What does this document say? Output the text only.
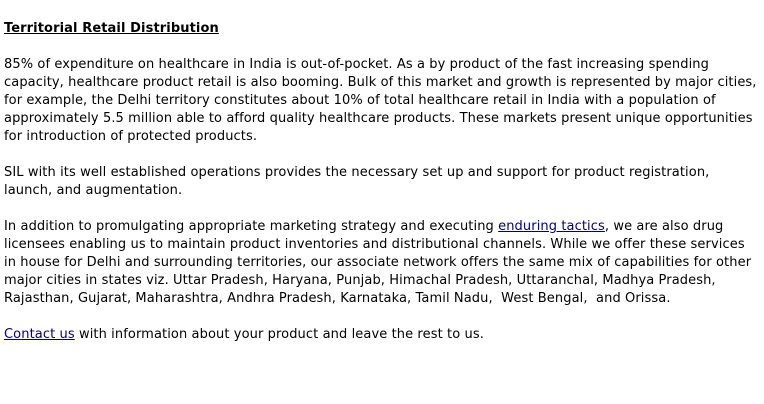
Territorial Retail Distribution

85% of expenditure on healthcare in India is out-of-pocket. As a by product of the fast increasing spending capacity, healthcare product retail is also booming. Bulk of this market and growth is represented by major cities, for example, the Delhi territory constitutes about 10% of total healthcare retail in India with a population of approximately 5.5 million able to afford quality healthcare products. These markets present unique opportunities for introduction of protected products.

SIL with its well established operations provides the necessary set up and support for product registration, launch, and augmentation.

In addition to promulgating appropriate marketing strategy and executing enduring tactics, we are also drug licensees enabling us to maintain product inventories and distributional channels. While we offer these services in house for Delhi and surrounding territories, our associate network offers the same mix of capabilities for other major cities in states viz. Uttar Pradesh, Haryana, Punjab, Himachal Pradesh, Uttaranchal, Madhya Pradesh, Rajasthan, Gujarat, Maharashtra, Andhra Pradesh, Karnataka, Tamil Nadu,  West Bengal,  and Orissa.

Contact us with information about your product and leave the rest to us.
